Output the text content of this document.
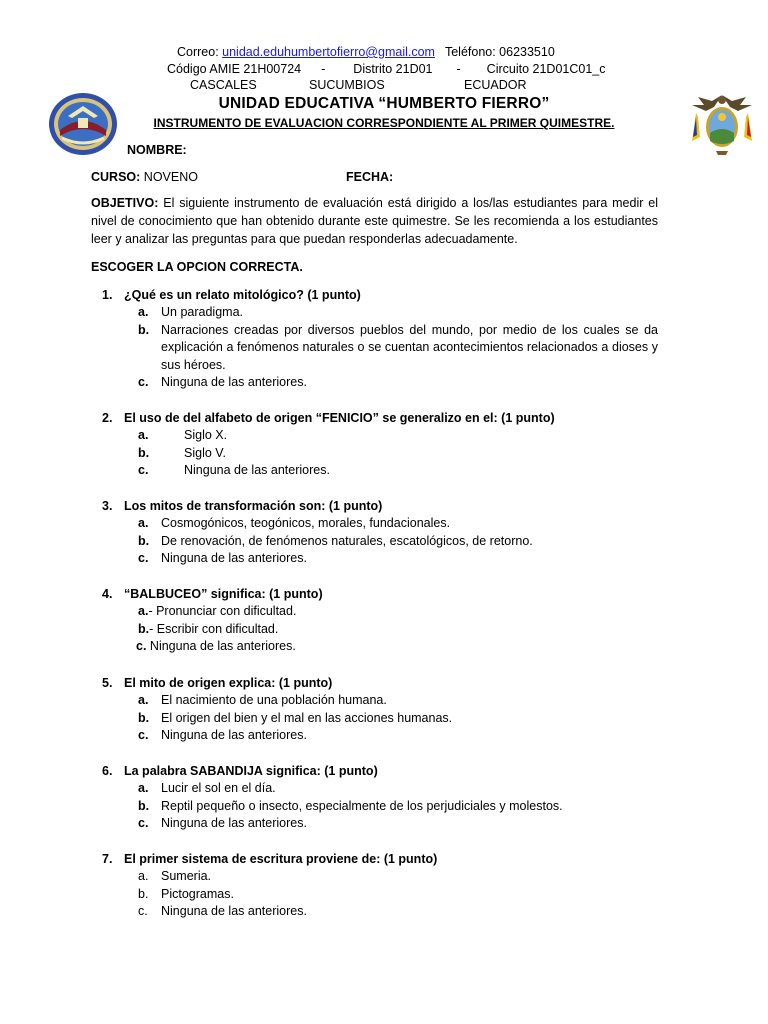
Correo: unidad.eduhumbertofierro@gmail.com Teléfono: 06233510
Código AMIE 21H00724 - Distrito 21D01 - Circuito 21D01C01_c
CASCALES	SUCUMBIOS	ECUADOR
UNIDAD EDUCATIVA “HUMBERTO FIERRO”
INSTRUMENTO DE EVALUACION CORRESPONDIENTE AL PRIMER QUIMESTRE.
NOMBRE:
CURSO: NOVENO	FECHA:
OBJETIVO: El siguiente instrumento de evaluación está dirigido a los/las estudiantes para medir el nivel de conocimiento que han obtenido durante este quimestre. Se les recomienda a los estudiantes leer y analizar las preguntas para que puedan responderlas adecuadamente.
ESCOGER LA OPCION CORRECTA.
1. ¿Qué es un relato mitológico? (1 punto)
a. Un paradigma.
b. Narraciones creadas por diversos pueblos del mundo, por medio de los cuales se da explicación a fenómenos naturales o se cuentan acontecimientos relacionados a dioses y sus héroes.
c. Ninguna de las anteriores.
2. El uso de del alfabeto de origen “FENICIO” se generalizo en el: (1 punto)
a.	Siglo X.
b.	Siglo V.
c.	Ninguna de las anteriores.
3. Los mitos de transformación son: (1 punto)
a. Cosmogónicos, teogónicos, morales, fundacionales.
b. De renovación, de fenómenos naturales, escatológicos, de retorno.
c. Ninguna de las anteriores.
4. “BALBUCEO” significa: (1 punto)
a.- Pronunciar con dificultad.
b.- Escribir con dificultad.
c. Ninguna de las anteriores.
5. El mito de origen explica: (1 punto)
a. El nacimiento de una población humana.
b. El origen del bien y el mal en las acciones humanas.
c. Ninguna de las anteriores.
6. La palabra SABANDIJA significa: (1 punto)
a. Lucir el sol en el día.
b. Reptil pequeño o insecto, especialmente de los perjudiciales y molestos.
c. Ninguna de las anteriores.
7. El primer sistema de escritura proviene de: (1 punto)
a. Sumeria.
b. Pictogramas.
c. Ninguna de las anteriores.
